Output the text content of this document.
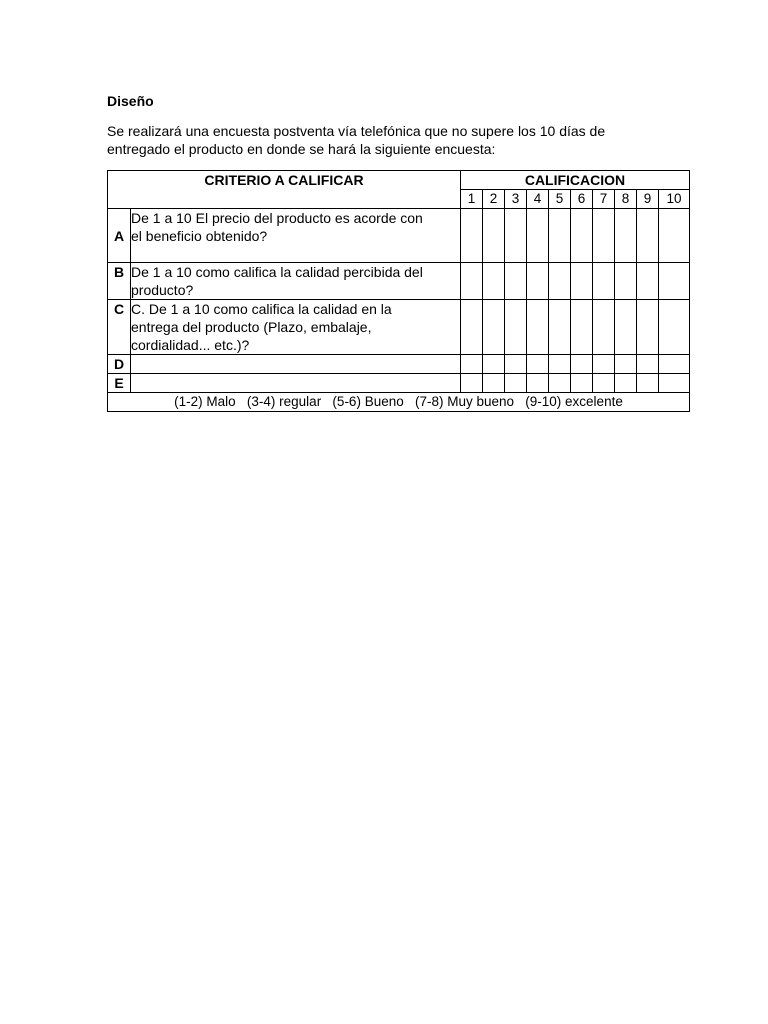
Diseño
Se realizará una encuesta postventa vía telefónica que no supere los 10 días de
entregado el producto en donde se hará la siguiente encuesta:
CRITERIO A CALIFICAR		CALIFICACION									
		1	2	3	4	5	6	7	8	9	10
A	De 1 a 10 El precio del producto es acorde con
el beneficio obtenido?										

B	De 1 a 10 como califica la calidad percibida del
producto?										

C	C. De 1 a 10 como califica la calidad en la
entrega del producto (Plazo, embalaje,
cordialidad... etc.)?										

D											
E											
(1-2) Malo   (3-4) regular   (5-6) Bueno   (7-8) Muy bueno   (9-10) excelente											
